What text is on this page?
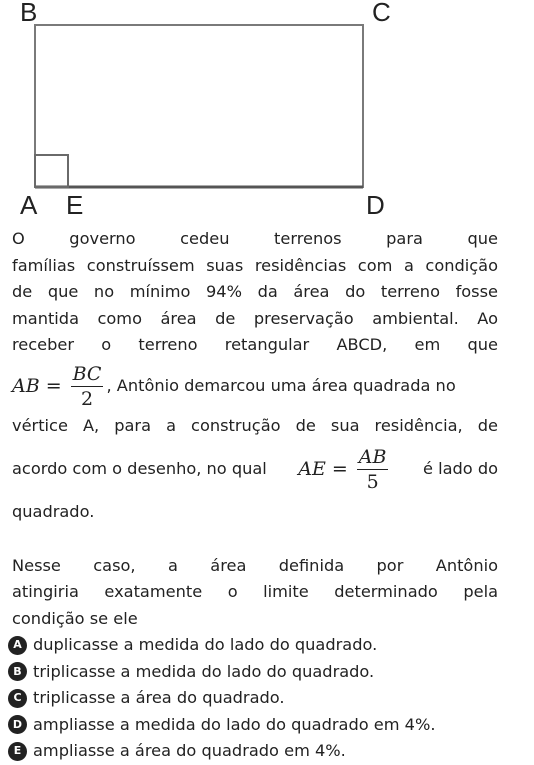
B	C
A E	D

O governo cedeu terrenos para que

famílias construíssem suas residências com a condição

de que no mínimo 94% da área do terreno fosse

mantida como área de preservação ambiental. Ao

receber o terreno retangular ABCD, em que

AB = $\frac{BC}{2}$ , Antônio demarcou uma área quadrada no

vértice A, para a construção de sua residência, de

acordo com o desenho, no qual AE = $\frac{AB}{5}$ é lado do

quadrado.

Nesse caso, a área definida por Antônio

atingiria exatamente o limite determinado pela

condição se ele

A duplicasse a medida do lado do quadrado.
B triplicasse a medida do lado do quadrado.
C triplicasse a área do quadrado.
D ampliasse a medida do lado do quadrado em 4%.
E ampliasse a área do quadrado em 4%.
